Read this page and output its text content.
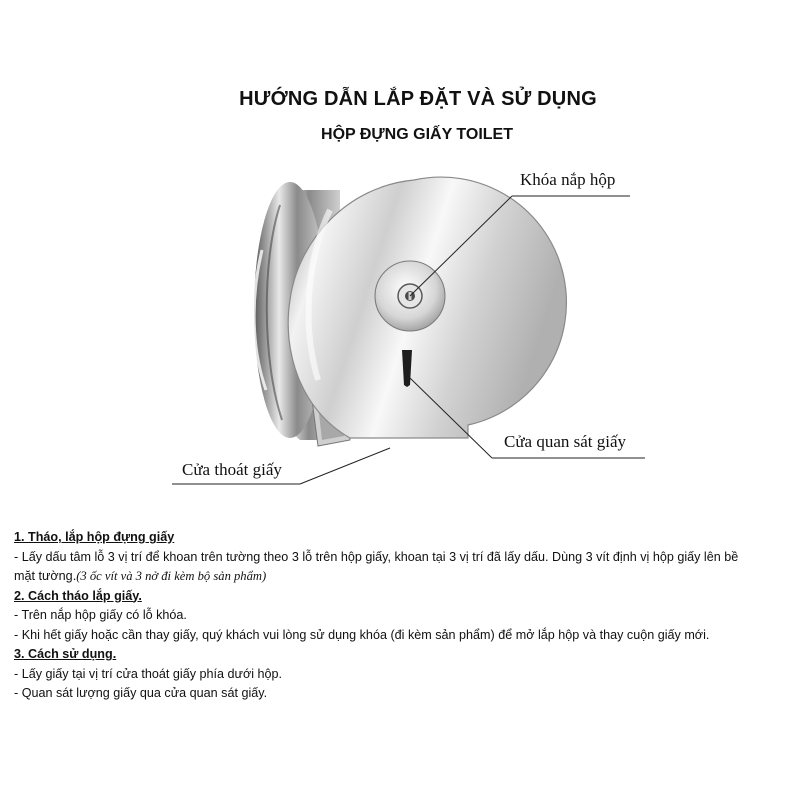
HƯỚNG DẪN LẮP ĐẶT VÀ SỬ DỤNG
HỘP ĐỰNG GIẤY TOILET
Khóa nắp hộp
Cửa quan sát giấy
Cửa thoát giấy

1. Tháo, lắp hộp đựng giấy

- Lấy dấu tâm lỗ 3 vị trí để khoan trên tường theo 3 lỗ trên hộp giấy, khoan tại 3 vị trí đã lấy dấu. Dùng 3 vít định vị hộp giấy lên bề

mặt tường.(3 ốc vít và 3 nở đi kèm bộ sản phẩm)

2. Cách tháo lắp giấy.

- Trên nắp hộp giấy có lỗ khóa.

- Khi hết giấy hoặc cần thay giấy, quý khách vui lòng sử dụng khóa (đi kèm sản phẩm) để mở lắp hộp và thay cuộn giấy mới.

3. Cách sử dụng.

- Lấy giấy tại vị trí cửa thoát giấy phía dưới hộp.

- Quan sát lượng giấy qua cửa quan sát giấy.
